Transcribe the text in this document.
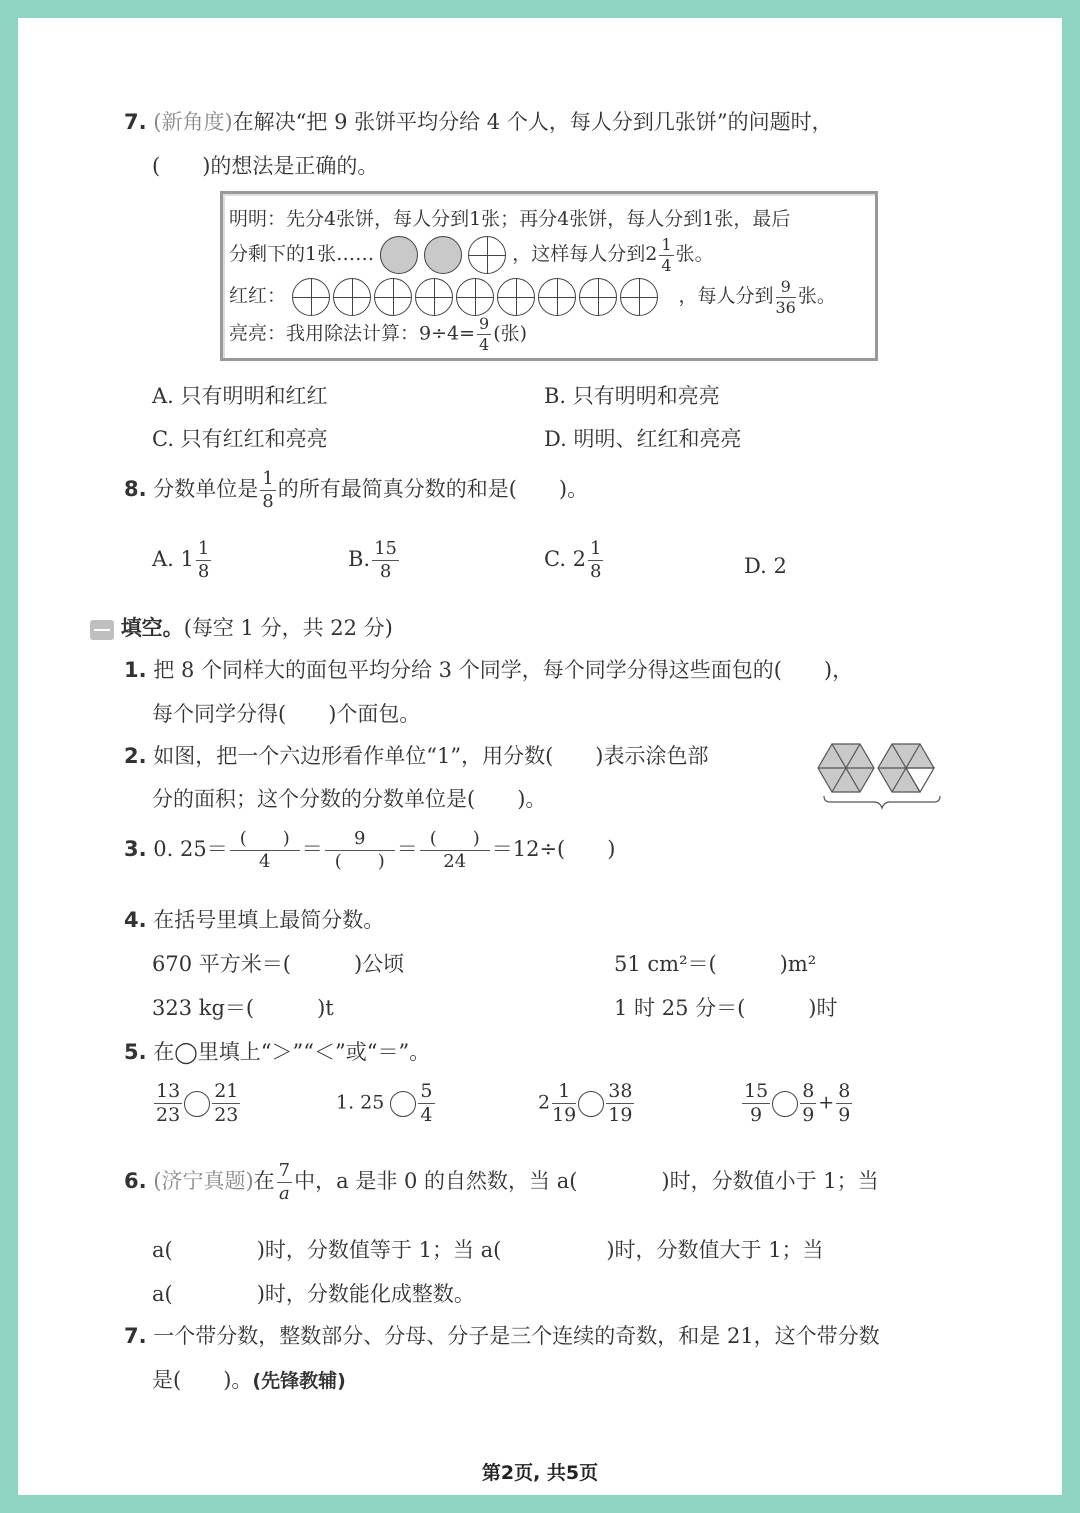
7. (新角度)在解决“把 9 张饼平均分给 4 个人，每人分到几张饼”的问题时，
(　　)的想法是正确的。
明明：先分4张饼，每人分到1张；再分4张饼，每人分到1张，最后
分剩下的1张……	，这样每人分到$2 \frac{1}{4}$ 张。
红红：	，每人分到 $\frac{9}{36}$ 张。
亮亮：我用除法计算：$9\div 4= \frac{9}{4}$ (张)
A. 只有明明和红红	B. 只有明明和亮亮
C. 只有红红和亮亮	D. 明明、红红和亮亮
8. 分数单位是 $\frac{1}{8}$ 的所有最简真分数的和是(　　)。
A. $1 \frac{1}{8}$	B. $\frac{15}{8}$	C. $2 \frac{1}{8}$	D. 2
填空。(每空 1 分，共 22 分)
1. 把 8 个同样大的面包平均分给 3 个同学，每个同学分得这些面包的(　　)，
每个同学分得(　　)个面包。
2. 如图，把一个六边形看作单位“1”，用分数(　　)表示涂色部
分的面积；这个分数的分数单位是(　　)。
3. 0. $25= \frac{( )}{4} = \frac{9}{( )} = \frac{( )}{24} =12\div$(　　)
4. 在括号里填上最简分数。
670 平方米＝(　　　)公顷	51 cm²＝(　　　)m²
323 kg＝(　　　)t	1 时 25 分＝(　　　)时
5. 在◯里填上“＞”“＜”或“＝”。
$\frac{13}{23} \frac{21}{23}$	1. $25 \frac{5}{4}$	$2 \frac{1}{19} \frac{38}{19}$	$\frac{15}{9} \frac{8}{9} + \frac{8}{9}$
6. (济宁真题)在 $\frac{7}{a}$ 中，a 是非 0 的自然数，当 a(　　　　)时，分数值小于 1；当
a(　　　　)时，分数值等于 1；当 a(　　　　　)时，分数值大于 1；当
a(　　　　)时，分数能化成整数。
7. 一个带分数，整数部分、分母、分子是三个连续的奇数，和是 21，这个带分数
是(　　)。(先锋教辅)
第2页, 共5页
